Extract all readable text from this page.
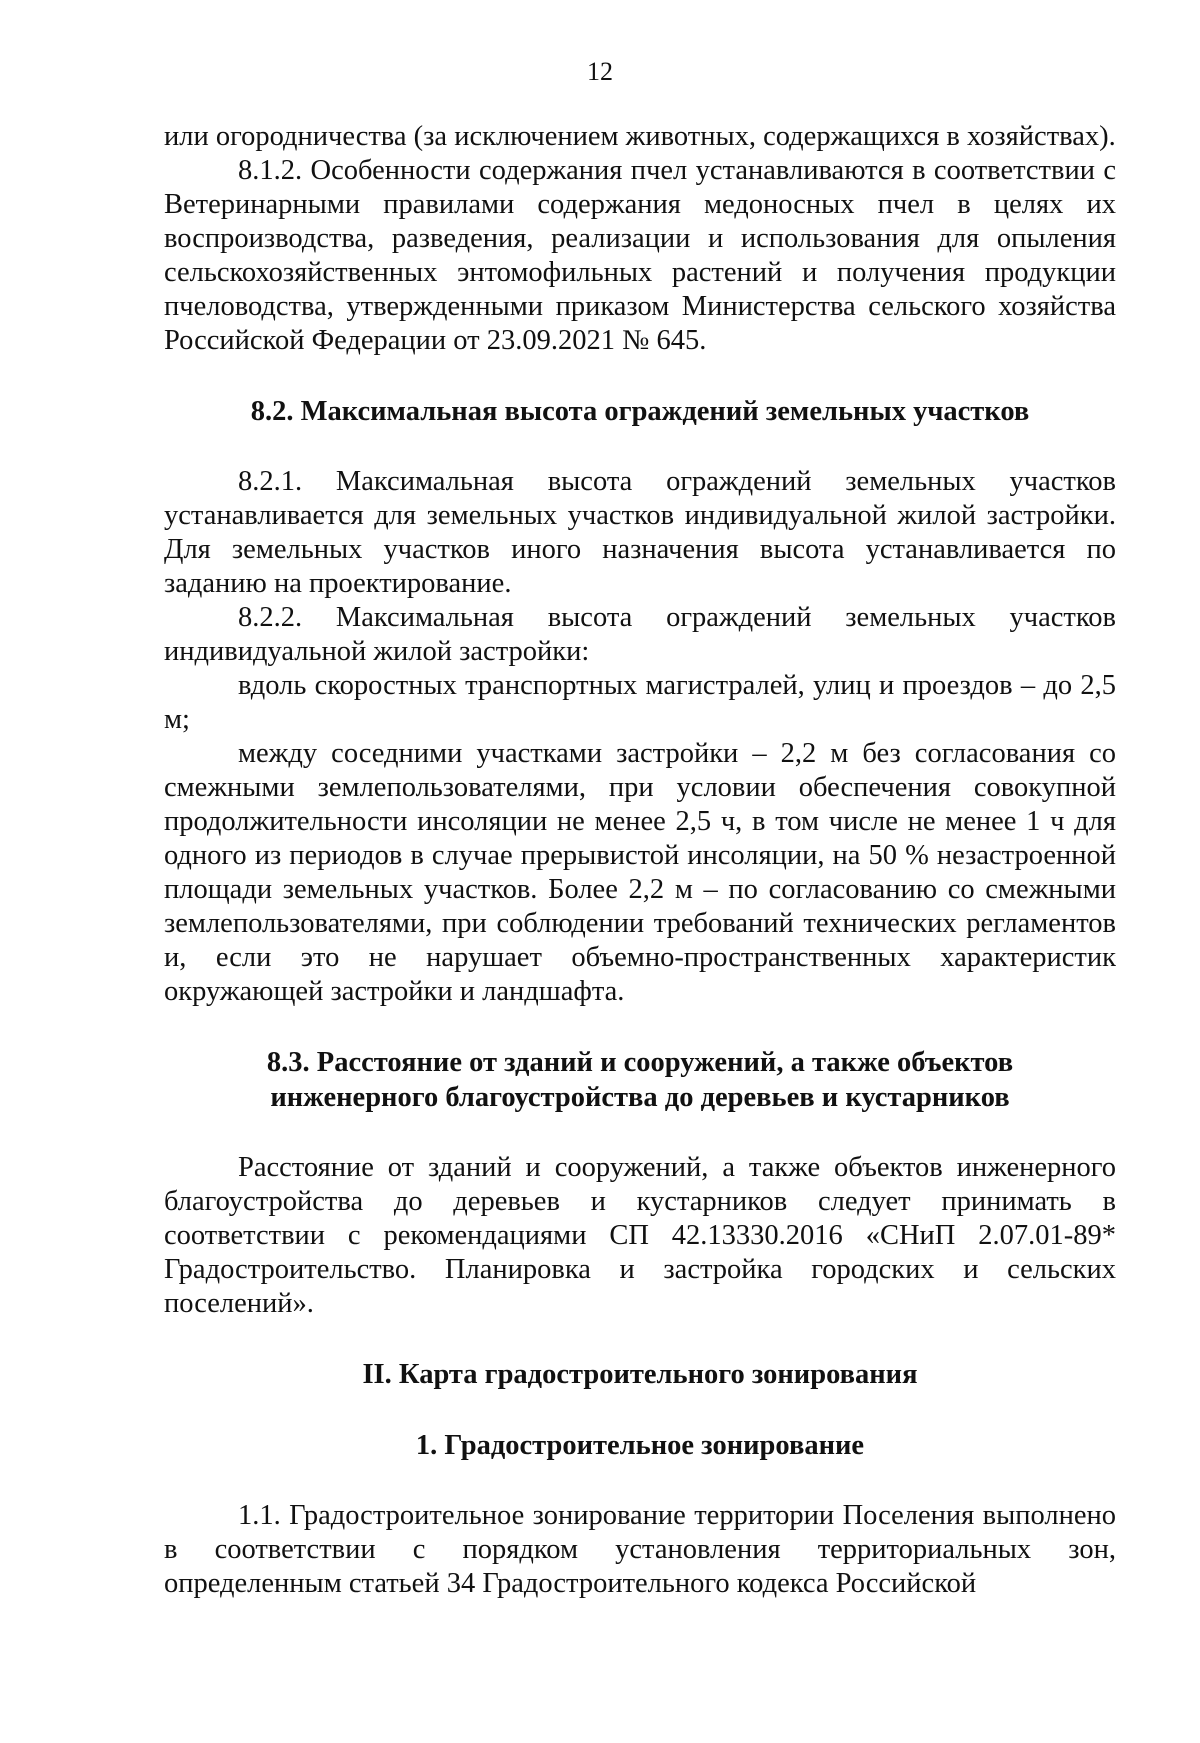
12

или огородничества (за исключением животных, содержащихся в хозяйствах).

8.1.2. Особенности содержания пчел устанавливаются в соответствии с Ветеринарными правилами содержания медоносных пчел в целях их воспроизводства, разведения, реализации и использования для опыления сельскохозяйственных энтомофильных растений и получения продукции пчеловодства, утвержденными приказом Министерства сельского хозяйства Российской Федерации от 23.09.2021 № 645.

8.2. Максимальная высота ограждений земельных участков

8.2.1. Максимальная высота ограждений земельных участков устанавливается для земельных участков индивидуальной жилой застройки. Для земельных участков иного назначения высота устанавливается по заданию на проектирование.

8.2.2. Максимальная высота ограждений земельных участков индивидуальной жилой застройки:

вдоль скоростных транспортных магистралей, улиц и проездов – до 2,5 м;

между соседними участками застройки – 2,2 м без согласования со смежными землепользователями, при условии обеспечения совокупной продолжительности инсоляции не менее 2,5 ч, в том числе не менее 1 ч для одного из периодов в случае прерывистой инсоляции, на 50 % незастроенной площади земельных участков. Более 2,2 м – по согласованию со смежными землепользователями, при соблюдении требований технических регламентов и, если это не нарушает объемно-пространственных характеристик окружающей застройки и ландшафта.

8.3. Расстояние от зданий и сооружений, а также объектов
инженерного благоустройства до деревьев и кустарников

Расстояние от зданий и сооружений, а также объектов инженерного благоустройства до деревьев и кустарников следует принимать в соответствии с рекомендациями СП 42.13330.2016 «СНиП 2.07.01-89* Градостроительство. Планировка и застройка городских и сельских поселений».

II. Карта градостроительного зонирования
1. Градостроительное зонирование

1.1. Градостроительное зонирование территории Поселения выполнено в соответствии с порядком установления территориальных зон, определенным статьей 34 Градостроительного кодекса Российской
